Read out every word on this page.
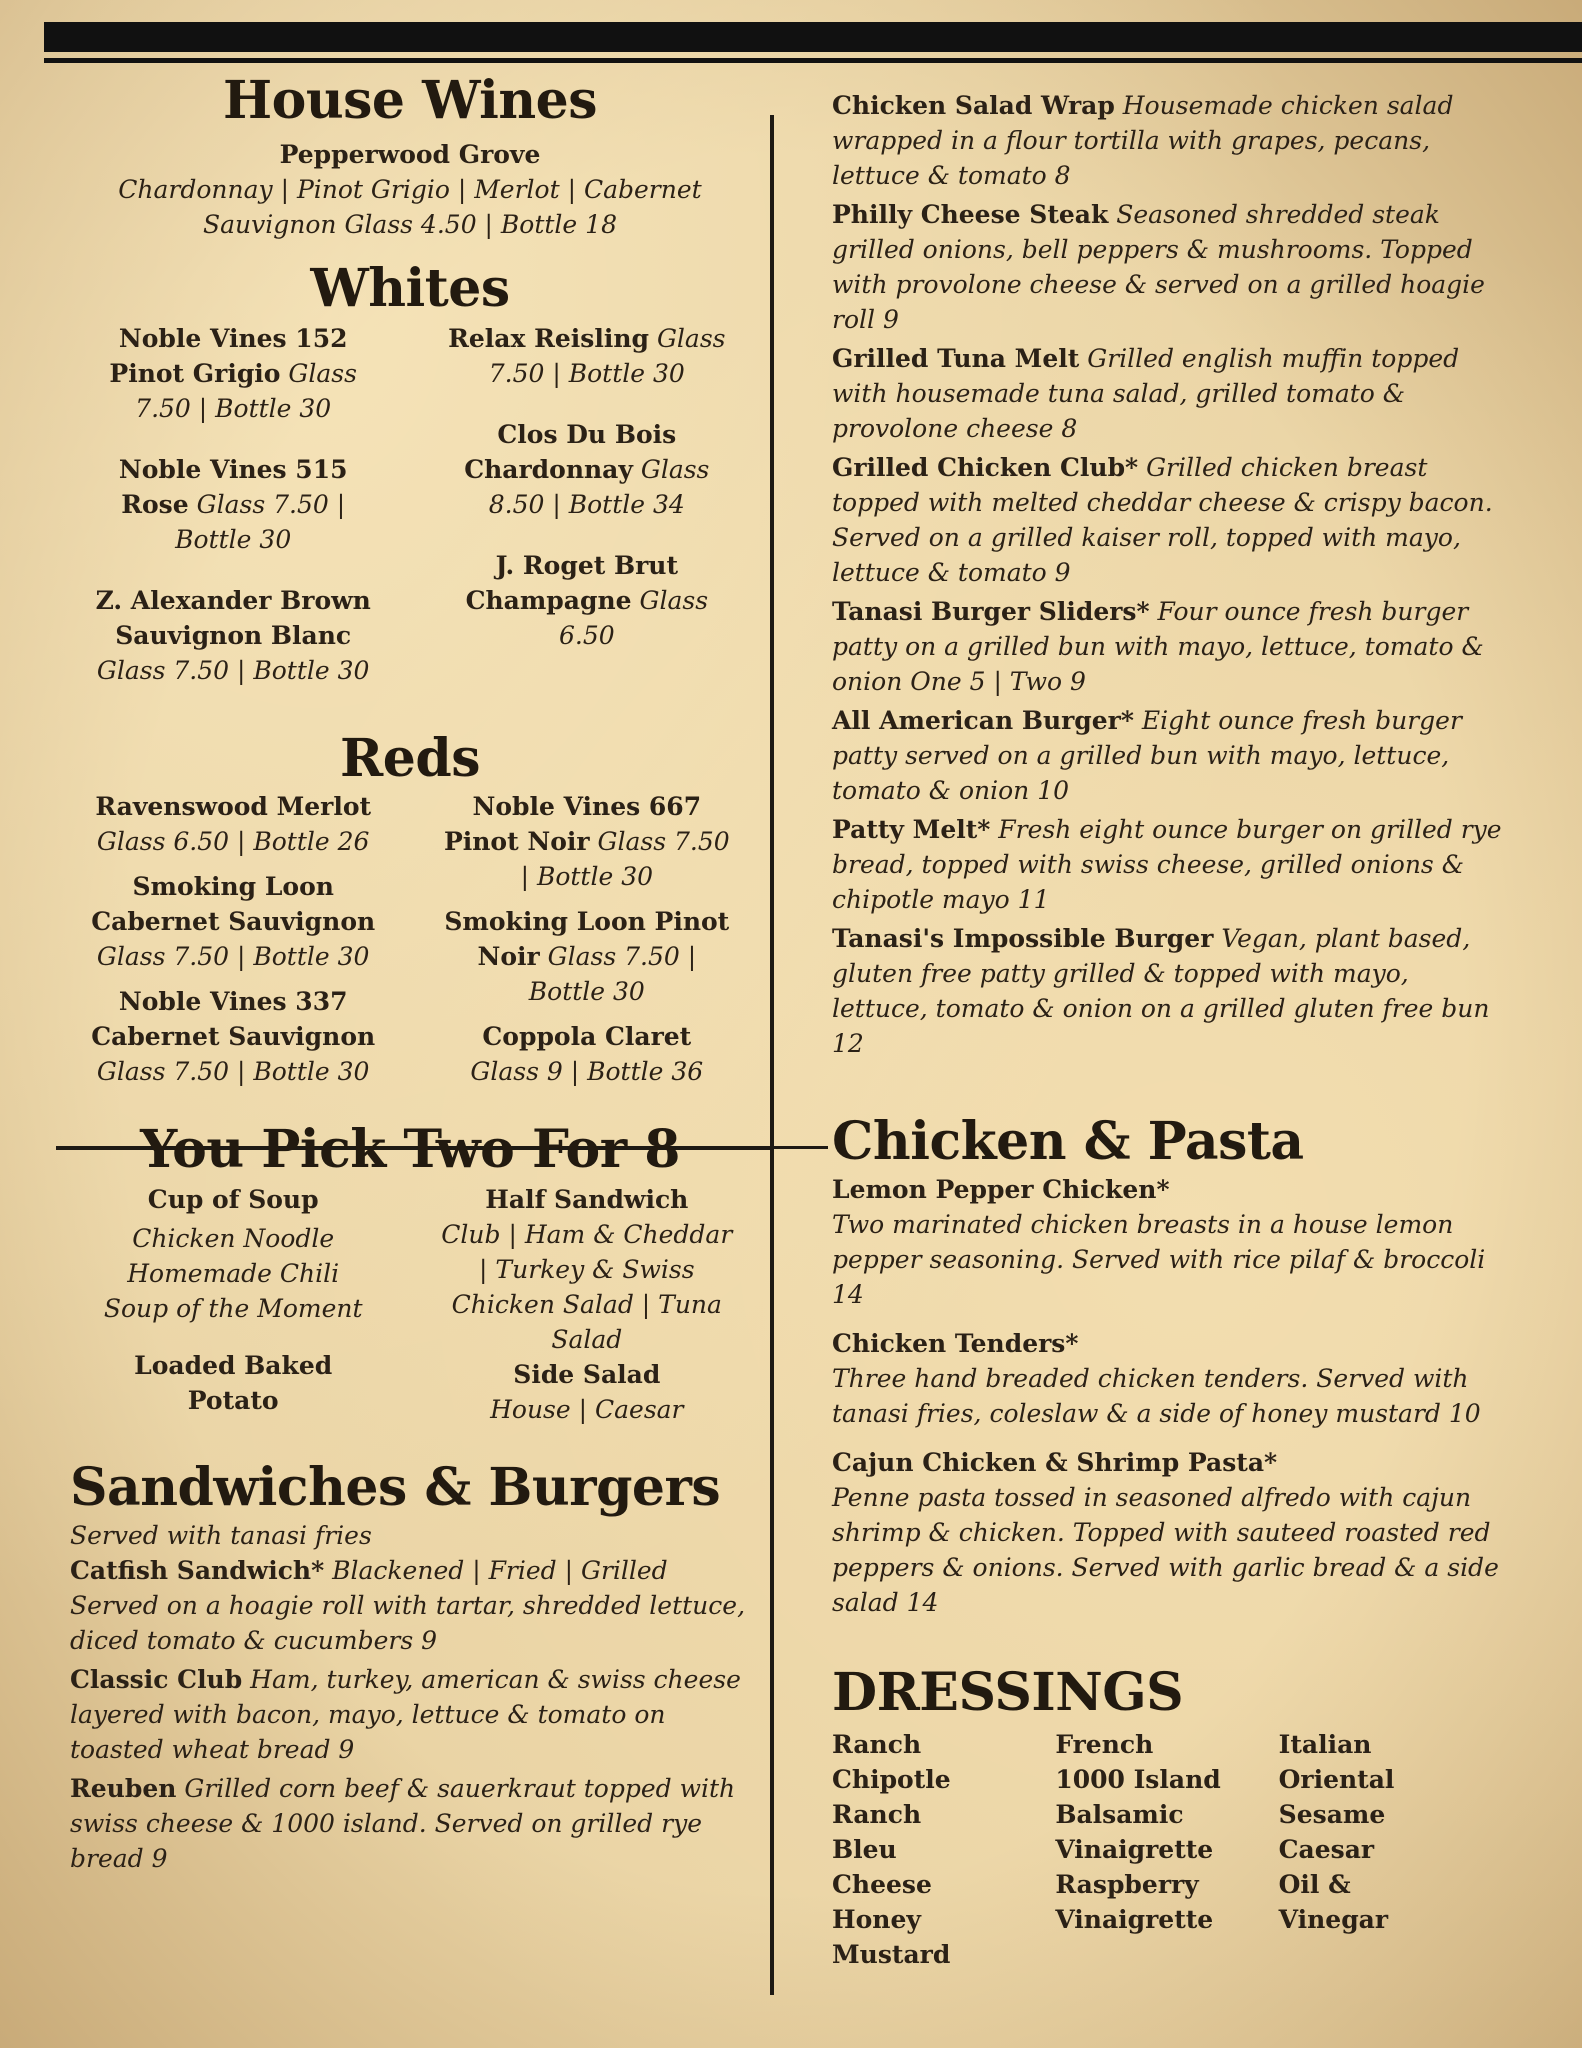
House Wines
Pepperwood Grove
Chardonnay | Pinot Grigio | Merlot | Cabernet
Sauvignon Glass 4.50 | Bottle 18
Whites
Noble Vines 152
Pinot Grigio Glass
7.50 | Bottle 30
Noble Vines 515
Rose Glass 7.50 |
Bottle 30
Z. Alexander Brown
Sauvignon Blanc
Glass 7.50 | Bottle 30
Relax Reisling Glass
7.50 | Bottle 30
Clos Du Bois
Chardonnay Glass
8.50 | Bottle 34
J. Roget Brut
Champagne Glass
6.50
Reds
Ravenswood Merlot
Glass 6.50 | Bottle 26
Smoking Loon
Cabernet Sauvignon
Glass 7.50 | Bottle 30
Noble Vines 337
Cabernet Sauvignon
Glass 7.50 | Bottle 30
Noble Vines 667
Pinot Noir Glass 7.50
| Bottle 30
Smoking Loon Pinot
Noir Glass 7.50 |
Bottle 30
Coppola Claret
Glass 9 | Bottle 36
You Pick Two For 8
Cup of Soup
Chicken Noodle
Homemade Chili
Soup of the Moment
Loaded Baked
Potato
Half Sandwich
Club | Ham & Cheddar
| Turkey & Swiss
Chicken Salad | Tuna
Salad
Side Salad
House | Caesar
Sandwiches & Burgers
Served with tanasi fries
Catfish Sandwich* Blackened | Fried | Grilled Served on a hoagie roll with tartar, shredded lettuce, diced tomato & cucumbers 9
Classic Club Ham, turkey, american & swiss cheese layered with bacon, mayo, lettuce & tomato on toasted wheat bread 9
Reuben Grilled corn beef & sauerkraut topped with swiss cheese & 1000 island. Served on grilled rye bread 9
Chicken Salad Wrap Housemade chicken salad wrapped in a flour tortilla with grapes, pecans, lettuce & tomato 8
Philly Cheese Steak Seasoned shredded steak grilled onions, bell peppers & mushrooms. Topped with provolone cheese & served on a grilled hoagie roll 9
Grilled Tuna Melt Grilled english muffin topped with housemade tuna salad, grilled tomato & provolone cheese 8
Grilled Chicken Club* Grilled chicken breast topped with melted cheddar cheese & crispy bacon. Served on a grilled kaiser roll, topped with mayo, lettuce & tomato 9
Tanasi Burger Sliders* Four ounce fresh burger patty on a grilled bun with mayo, lettuce, tomato & onion One 5 | Two 9
All American Burger* Eight ounce fresh burger patty served on a grilled bun with mayo, lettuce, tomato & onion 10
Patty Melt* Fresh eight ounce burger on grilled rye bread, topped with swiss cheese, grilled onions & chipotle mayo 11
Tanasi's Impossible Burger Vegan, plant based, gluten free patty grilled & topped with mayo, lettuce, tomato & onion on a grilled gluten free bun 12
Chicken & Pasta
Lemon Pepper Chicken*
Two marinated chicken breasts in a house lemon pepper seasoning. Served with rice pilaf & broccoli 14
Chicken Tenders*
Three hand breaded chicken tenders. Served with tanasi fries, coleslaw & a side of honey mustard 10
Cajun Chicken & Shrimp Pasta*
Penne pasta tossed in seasoned alfredo with cajun shrimp & chicken. Topped with sauteed roasted red peppers & onions. Served with garlic bread & a side salad 14
DRESSINGS
Ranch
Chipotle
Ranch
Bleu
Cheese
Honey
Mustard
French
1000 Island
Balsamic
Vinaigrette
Raspberry
Vinaigrette
Italian
Oriental
Sesame
Caesar
Oil &
Vinegar
